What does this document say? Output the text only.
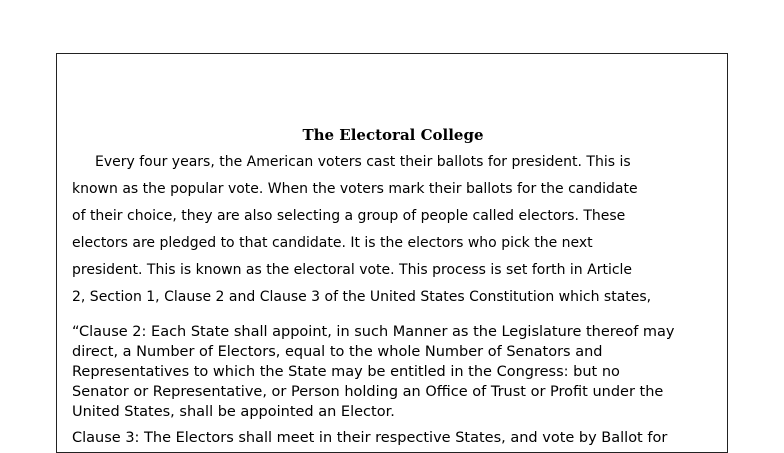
The Electoral College
Every four years, the American voters cast their ballots for president. This is
known as the popular vote. When the voters mark their ballots for the candidate
of their choice, they are also selecting a group of people called electors. These
electors are pledged to that candidate. It is the electors who pick the next
president. This is known as the electoral vote. This process is set forth in Article
2, Section 1, Clause 2 and Clause 3 of the United States Constitution which states,
“Clause 2: Each State shall appoint, in such Manner as the Legislature thereof may
direct, a Number of Electors, equal to the whole Number of Senators and
Representatives to which the State may be entitled in the Congress: but no
Senator or Representative, or Person holding an Office of Trust or Profit under the
United States, shall be appointed an Elector.
Clause 3: The Electors shall meet in their respective States, and vote by Ballot for
